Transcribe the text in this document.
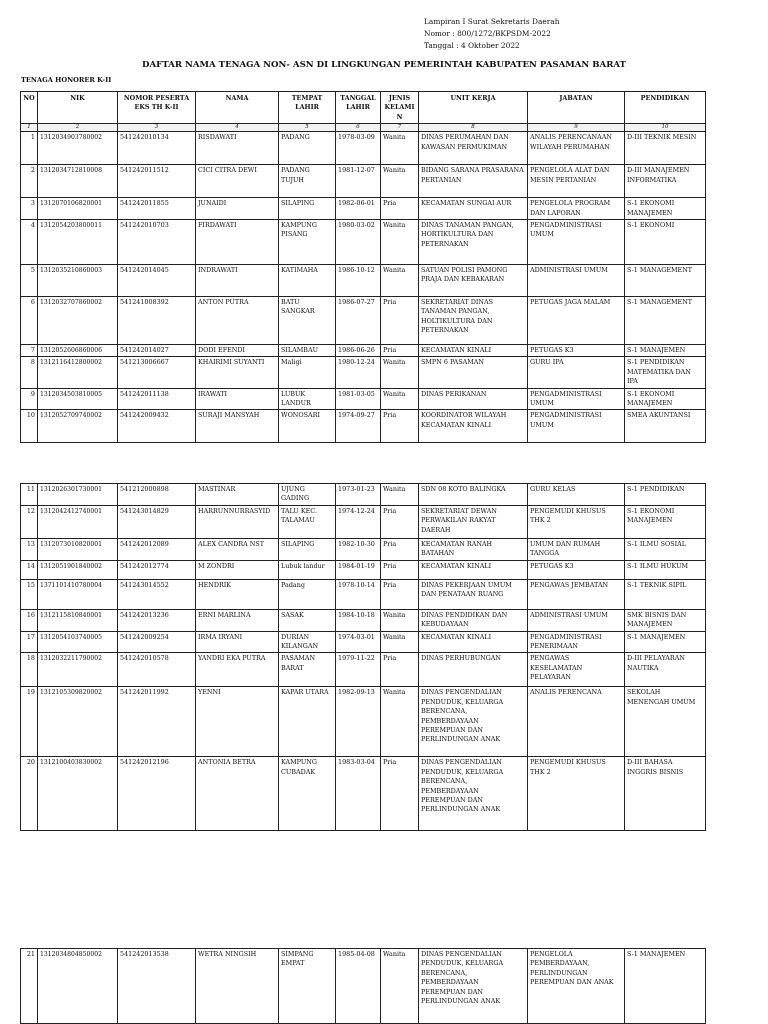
Lampiran I Surat Sekretaris Daerah
Nomor : 800/1272/BKPSDM-2022
Tanggal : 4 Oktober 2022
DAFTAR NAMA TENAGA NON- ASN DI LINGKUNGAN PEMERINTAH KABUPATEN PASAMAN BARAT
TENAGA HONORER K-II
NO	NIK	NOMOR PESERTA EKS TH K-II	NAMA	TEMPAT LAHIR	TANGGAL LAHIR	JENIS KELAMIN	UNIT KERJA	JABATAN	PENDIDIKAN
1	2	3	4	5	6	7	8	9	10
1	1312034903780002	541242010134	RISDAWATI	PADANG	1978-03-09	Wanita	DINAS PERUMAHAN DAN KAWASAN PERMUKIMAN	ANALIS PERENCANAAN WILAYAH PERUMAHAN	D-III TEKNIK MESIN
2	1312034712810008	541242011512	CICI CITRA DEWI	PADANG TUJUH	1981-12-07	Wanita	BIDANG SARANA PRASARANA PERTANIAN	PENGELOLA ALAT DAN MESIN PERTANIAN	D-III MANAJEMEN INFORMATIKA
3	1312070106820001	541242011855	JUNAIDI	SILAPING	1982-06-01	Pria	KECAMATAN SUNGAI AUR	PENGELOLA PROGRAM DAN LAPORAN	S-1 EKONOMI MANAJEMEN
4	1312054203800011	541242010703	FIRDAWATI	KAMPUNG PISANG	1980-03-02	Wanita	DINAS TANAMAN PANGAN, HORTIKULTURA DAN PETERNAKAN	PENGADMINISTRASI UMUM	S-1 EKONOMI
5	1312035210860003	541242014045	INDRAWATI	KATIMAHA	1986-10-12	Wanita	SATUAN POLISI PAMONG PRAJA DAN KEBAKARAN	ADMINISTRASI UMUM	S-1 MANAGEMENT
6	1312032707860002	541241008392	ANTON PUTRA	BATU SANGKAR	1986-07-27	Pria	SEKRETARIAT DINAS TANAMAN PANGAN, HOLTIKULTURA DAN PETERNAKAN	PETUGAS JAGA MALAM	S-1 MANAGEMENT
7	1312052606860006	541242014027	DODI EFENDI	SILAMBAU	1986-06-26	Pria	KECAMATAN KINALI	PETUGAS K3	S-1 MANAJEMEN
8	1312116412800002	541213006667	KHAIRIMI SUYANTI	Maligi	1980-12-24	Wanita	SMPN 6 PASAMAN	GURU IPA	S-1 PENDIDIKAN MATEMATIKA DAN IPA
9	1312034503810005	541242011138	IRAWATI	LUBUK LANDUR	1981-03-05	Wanita	DINAS PERIKANAN	PENGADMINISTRASI UMUM	S-1 EKONOMI MANAJEMEN
10	1312052709740002	541242009432	SURAJI MANSYAH	WONOSARI	1974-09-27	Pria	KOORDINATOR WILAYAH KECAMATAN KINALI	PENGADMINISTRASI UMUM	SMEA AKUNTANSI
11	1312026301730001	541212000898	MASTINAR	UJUNG GADING	1973-01-23	Wanita	SDN 08 KOTO BALINGKA	GURU KELAS	S-1 PENDIDIKAN
12	1312042412740001	541243014829	HARRUNNURRASYID	TALU KEC. TALAMAU	1974-12-24	Pria	SEKRETARIAT DEWAN PERWAKILAN RAKYAT DAERAH	PENGEMUDI KHUSUS THK 2	S-1 EKONOMI MANAJEMEN
13	1312073010820001	541242012089	ALEX CANDRA NST	SILAPING	1982-10-30	Pria	KECAMATAN RANAH BATAHAN	UMUM DAN RUMAH TANGGA	S-1 ILMU SOSIAL
14	1312051901840002	541242012774	M ZONDRI	Lubuk landur	1984-01-19	Pria	KECAMATAN KINALI	PETUGAS K3	S-1 ILMU HUKUM
15	1371101410780004	541243014552	HENDRIK	Padang	1978-10-14	Pria	DINAS PEKERJAAN UMUM DAN PENATAAN RUANG	PENGAWAS JEMBATAN	S-1 TEKNIK SIPIL
16	1312115810840001	541242013236	ERNI MARLINA	SASAK	1984-10-18	Wanita	DINAS PENDIDIKAN DAN KEBUDAYAAN	ADMINISTRASI UMUM	SMK BISNIS DAN MANAJEMEN
17	1312054103740005	541242009254	IRMA IRYANI	DURIAN KILANGAN	1974-03-01	Wanita	KECAMATAN KINALI	PENGADMINISTRASI PENERIMAAN	S-1 MANAJEMEN
18	1312032211790002	541242010578	YANDRI EKA PUTRA	PASAMAN BARAT	1979-11-22	Pria	DINAS PERHUBUNGAN	PENGAWAS KESELAMATAN PELAYARAN	D-III PELAYARAN NAUTIKA
19	1312105309820002	541242011992	YENNI	KAPAR UTARA	1982-09-13	Wanita	DINAS PENGENDALIAN PENDUDUK, KELUARGA BERENCANA, PEMBERDAYAAN PEREMPUAN DAN PERLINDUNGAN ANAK	ANALIS PERENCANA	SEKOLAH MENENGAH UMUM
20	1312100403830002	541242012196	ANTONIA BETRA	KAMPUNG CUBADAK	1983-03-04	Pria	DINAS PENGENDALIAN PENDUDUK, KELUARGA BERENCANA, PEMBERDAYAAN PEREMPUAN DAN PERLINDUNGAN ANAK	PENGEMUDI KHUSUS THK 2	D-III BAHASA INGGRIS BISNIS
21	1312034804850002	541242013538	WETRA NINGSIH	SIMPANG EMPAT	1985-04-08	Wanita	DINAS PENGENDALIAN PENDUDUK, KELUARGA BERENCANA, PEMBERDAYAAN PEREMPUAN DAN PERLINDUNGAN ANAK	PENGELOLA PEMBERDAYAAN, PERLINDUNGAN PEREMPUAN DAN ANAK	S-1 MANAJEMEN
